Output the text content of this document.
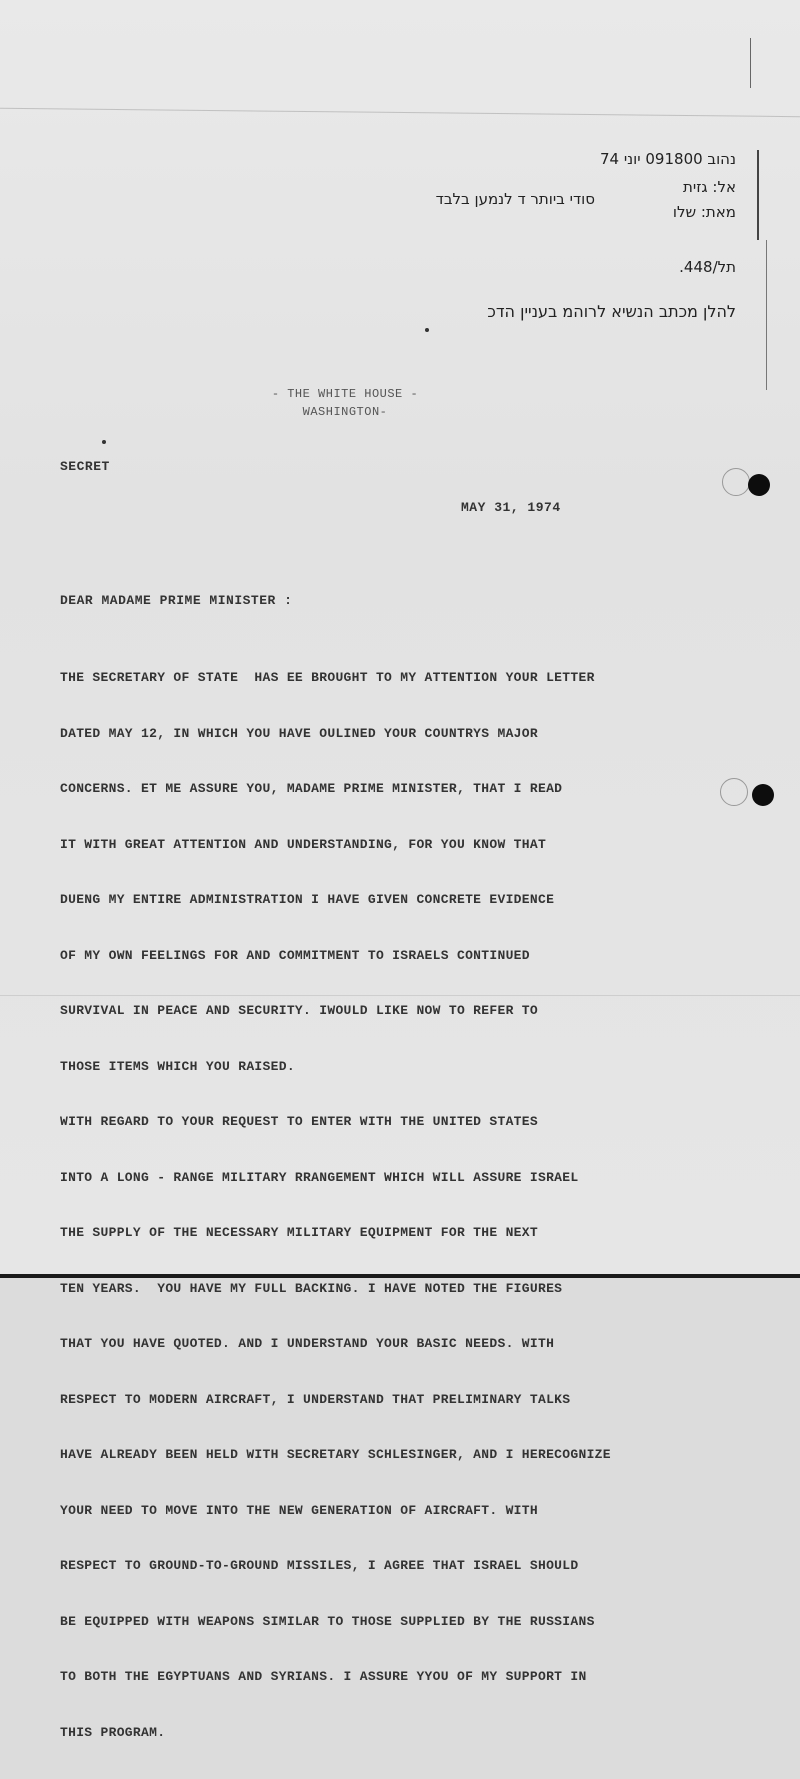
נהוב 091800 יוני 74
אל: גזית
מאת: שלו
סודי ביותר ד לנמען בלבד
תל/448.
להלן מכתב הנשיא לרוהמ בעניין הדכ
- THE WHITE HOUSE -
WASHINGTON-
SECRET
MAY 31, 1974
DEAR MADAME PRIME MINISTER :

THE SECRETARY OF STATE  HAS EE BROUGHT TO MY ATTENTION YOUR LETTER

DATED MAY 12, IN WHICH YOU HAVE OULINED YOUR COUNTRYS MAJOR

CONCERNS. ET ME ASSURE YOU, MADAME PRIME MINISTER, THAT I READ

IT WITH GREAT ATTENTION AND UNDERSTANDING, FOR YOU KNOW THAT

DUENG MY ENTIRE ADMINISTRATION I HAVE GIVEN CONCRETE EVIDENCE

OF MY OWN FEELINGS FOR AND COMMITMENT TO ISRAELS CONTINUED

SURVIVAL IN PEACE AND SECURITY. IWOULD LIKE NOW TO REFER TO

THOSE ITEMS WHICH YOU RAISED.

WITH REGARD TO YOUR REQUEST TO ENTER WITH THE UNITED STATES

INTO A LONG - RANGE MILITARY RRANGEMENT WHICH WILL ASSURE ISRAEL

THE SUPPLY OF THE NECESSARY MILITARY EQUIPMENT FOR THE NEXT

TEN YEARS.  YOU HAVE MY FULL BACKING. I HAVE NOTED THE FIGURES

THAT YOU HAVE QUOTED. AND I UNDERSTAND YOUR BASIC NEEDS. WITH

RESPECT TO MODERN AIRCRAFT, I UNDERSTAND THAT PRELIMINARY TALKS

HAVE ALREADY BEEN HELD WITH SECRETARY SCHLESINGER, AND I HERECOGNIZE

YOUR NEED TO MOVE INTO THE NEW GENERATION OF AIRCRAFT. WITH

RESPECT TO GROUND-TO-GROUND MISSILES, I AGREE THAT ISRAEL SHOULD

BE EQUIPPED WITH WEAPONS SIMILAR TO THOSE SUPPLIED BY THE RUSSIANS

TO BOTH THE EGYPTUANS AND SYRIANS. I ASSURE YYOU OF MY SUPPORT IN

THIS PROGRAM.
